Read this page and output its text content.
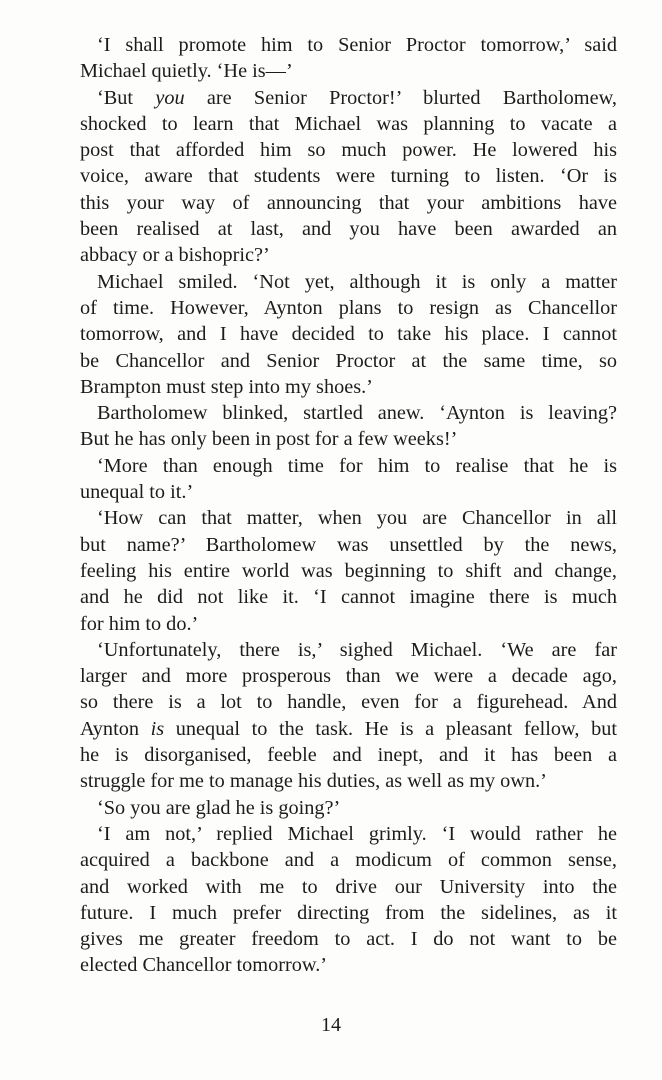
‘I shall promote him to Senior Proctor tomorrow,’ said
Michael quietly. ‘He is—’
‘But you are Senior Proctor!’ blurted Bartholomew,
shocked to learn that Michael was planning to vacate a
post that afforded him so much power. He lowered his
voice, aware that students were turning to listen. ‘Or is
this your way of announcing that your ambitions have
been realised at last, and you have been awarded an
abbacy or a bishopric?’
Michael smiled. ‘Not yet, although it is only a matter
of time. However, Aynton plans to resign as Chancellor
tomorrow, and I have decided to take his place. I cannot
be Chancellor and Senior Proctor at the same time, so
Brampton must step into my shoes.’
Bartholomew blinked, startled anew. ‘Aynton is leaving?
But he has only been in post for a few weeks!’
‘More than enough time for him to realise that he is
unequal to it.’
‘How can that matter, when you are Chancellor in all
but name?’ Bartholomew was unsettled by the news,
feeling his entire world was beginning to shift and change,
and he did not like it. ‘I cannot imagine there is much
for him to do.’
‘Unfortunately, there is,’ sighed Michael. ‘We are far
larger and more prosperous than we were a decade ago,
so there is a lot to handle, even for a figurehead. And
Aynton is unequal to the task. He is a pleasant fellow, but
he is disorganised, feeble and inept, and it has been a
struggle for me to manage his duties, as well as my own.’
‘So you are glad he is going?’
‘I am not,’ replied Michael grimly. ‘I would rather he
acquired a backbone and a modicum of common sense,
and worked with me to drive our University into the
future. I much prefer directing from the sidelines, as it
gives me greater freedom to act. I do not want to be
elected Chancellor tomorrow.’
14
